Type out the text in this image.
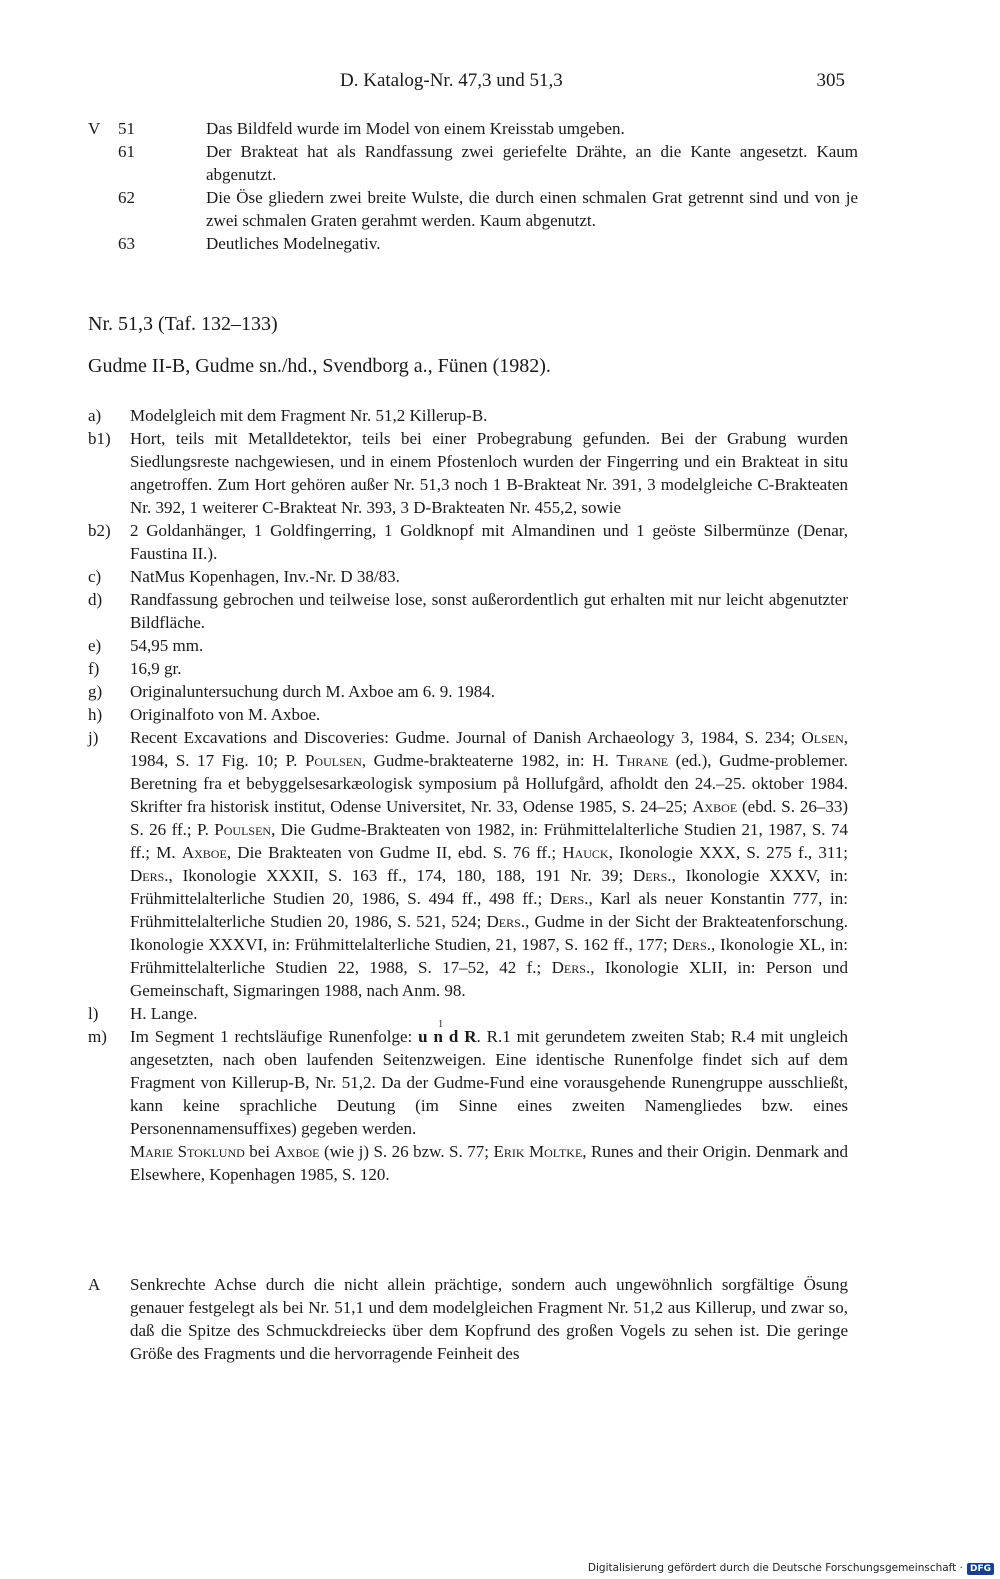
D. Katalog-Nr. 47,3 und 51,3	305
V	51	Das Bildfeld wurde im Model von einem Kreisstab umgeben.
61	Der Brakteat hat als Randfassung zwei geriefelte Drähte, an die Kante angesetzt. Kaum abgenutzt.
62	Die Öse gliedern zwei breite Wulste, die durch einen schmalen Grat getrennt sind und von je zwei schmalen Graten gerahmt werden. Kaum abgenutzt.
63	Deutliches Modelnegativ.
Nr. 51,3 (Taf. 132–133)
Gudme II-B, Gudme sn./hd., Svendborg a., Fünen (1982).
a)	Modelgleich mit dem Fragment Nr. 51,2 Killerup-B.
b1)	Hort, teils mit Metalldetektor, teils bei einer Probegrabung gefunden. Bei der Grabung wurden Siedlungsreste nachgewiesen, und in einem Pfostenloch wurden der Fingerring und ein Brakteat in situ angetroffen. Zum Hort gehören außer Nr. 51,3 noch 1 B-Brakteat Nr. 391, 3 modelgleiche C-Brakteaten Nr. 392, 1 weiterer C-Brakteat Nr. 393, 3 D-Brakteaten Nr. 455,2, sowie
b2)	2 Goldanhänger, 1 Goldfingerring, 1 Goldknopf mit Almandinen und 1 geöste Silbermünze (Denar, Faustina II.).
c)	NatMus Kopenhagen, Inv.-Nr. D 38/83.
d)	Randfassung gebrochen und teilweise lose, sonst außerordentlich gut erhalten mit nur leicht abgenutzter Bildfläche.
e)	54,95 mm.
f)	16,9 gr.
g)	Originaluntersuchung durch M. Axboe am 6. 9. 1984.
h)	Originalfoto von M. Axboe.
j)	Recent Excavations and Discoveries: Gudme. Journal of Danish Archaeology 3, 1984, S. 234; Olsen, 1984, S. 17 Fig. 10; P. Poulsen, Gudme-brakteaterne 1982, in: H. Thrane (ed.), Gudme-problemer. Beretning fra et bebyggelsesarkæologisk symposium på Hollufgård, afholdt den 24.–25. oktober 1984. Skrifter fra historisk institut, Odense Universitet, Nr. 33, Odense 1985, S. 24–25; Axboe (ebd. S. 26–33) S. 26 ff.; P. Poulsen, Die Gudme-Brakteaten von 1982, in: Frühmittelalterliche Studien 21, 1987, S. 74 ff.; M. Axboe, Die Brakteaten von Gudme II, ebd. S. 76 ff.; Hauck, Ikonologie XXX, S. 275 f., 311; Ders., Ikonologie XXXII, S. 163 ff., 174, 180, 188, 191 Nr. 39; Ders., Ikonologie XXXV, in: Frühmittelalterliche Studien 20, 1986, S. 494 ff., 498 ff.; Ders., Karl als neuer Konstantin 777, in: Frühmittelalterliche Studien 20, 1986, S. 521, 524; Ders., Gudme in der Sicht der Brakteatenforschung. Ikonologie XXXVI, in: Frühmittelalterliche Studien, 21, 1987, S. 162 ff., 177; Ders., Ikonologie XL, in: Frühmittelalterliche Studien 22, 1988, S. 17–52, 42 f.; Ders., Ikonologie XLII, in: Person und Gemeinschaft, Sigmaringen 1988, nach Anm. 98.
l)	H. Lange.
m)	Im Segment 1 rechtsläufige Runenfolge:
1
u n d R. R.1 mit gerundetem zweiten Stab; R.4 mit ungleich angesetzten, nach oben laufenden Seitenzweigen. Eine identische Runenfolge findet sich auf dem Fragment von Killerup-B, Nr. 51,2. Da der Gudme-Fund eine vorausgehende Runengruppe ausschließt, kann keine sprachliche Deutung (im Sinne eines zweiten Namengliedes bzw. eines Personennamensuffixes) gegeben werden.

Marie Stoklund bei Axboe (wie j) S. 26 bzw. S. 77; Erik Moltke, Runes and their Origin. Denmark and Elsewhere, Kopenhagen 1985, S. 120.

A	Senkrechte Achse durch die nicht allein prächtige, sondern auch ungewöhnlich sorgfältige Ösung genauer festgelegt als bei Nr. 51,1 und dem modelgleichen Fragment Nr. 51,2 aus Killerup, und zwar so, daß die Spitze des Schmuckdreiecks über dem Kopfrund des großen Vogels zu sehen ist. Die geringe Größe des Fragments und die hervorragende Feinheit des
Digitalisierung gefördert durch die Deutsche Forschungsgemeinschaft · DFG
